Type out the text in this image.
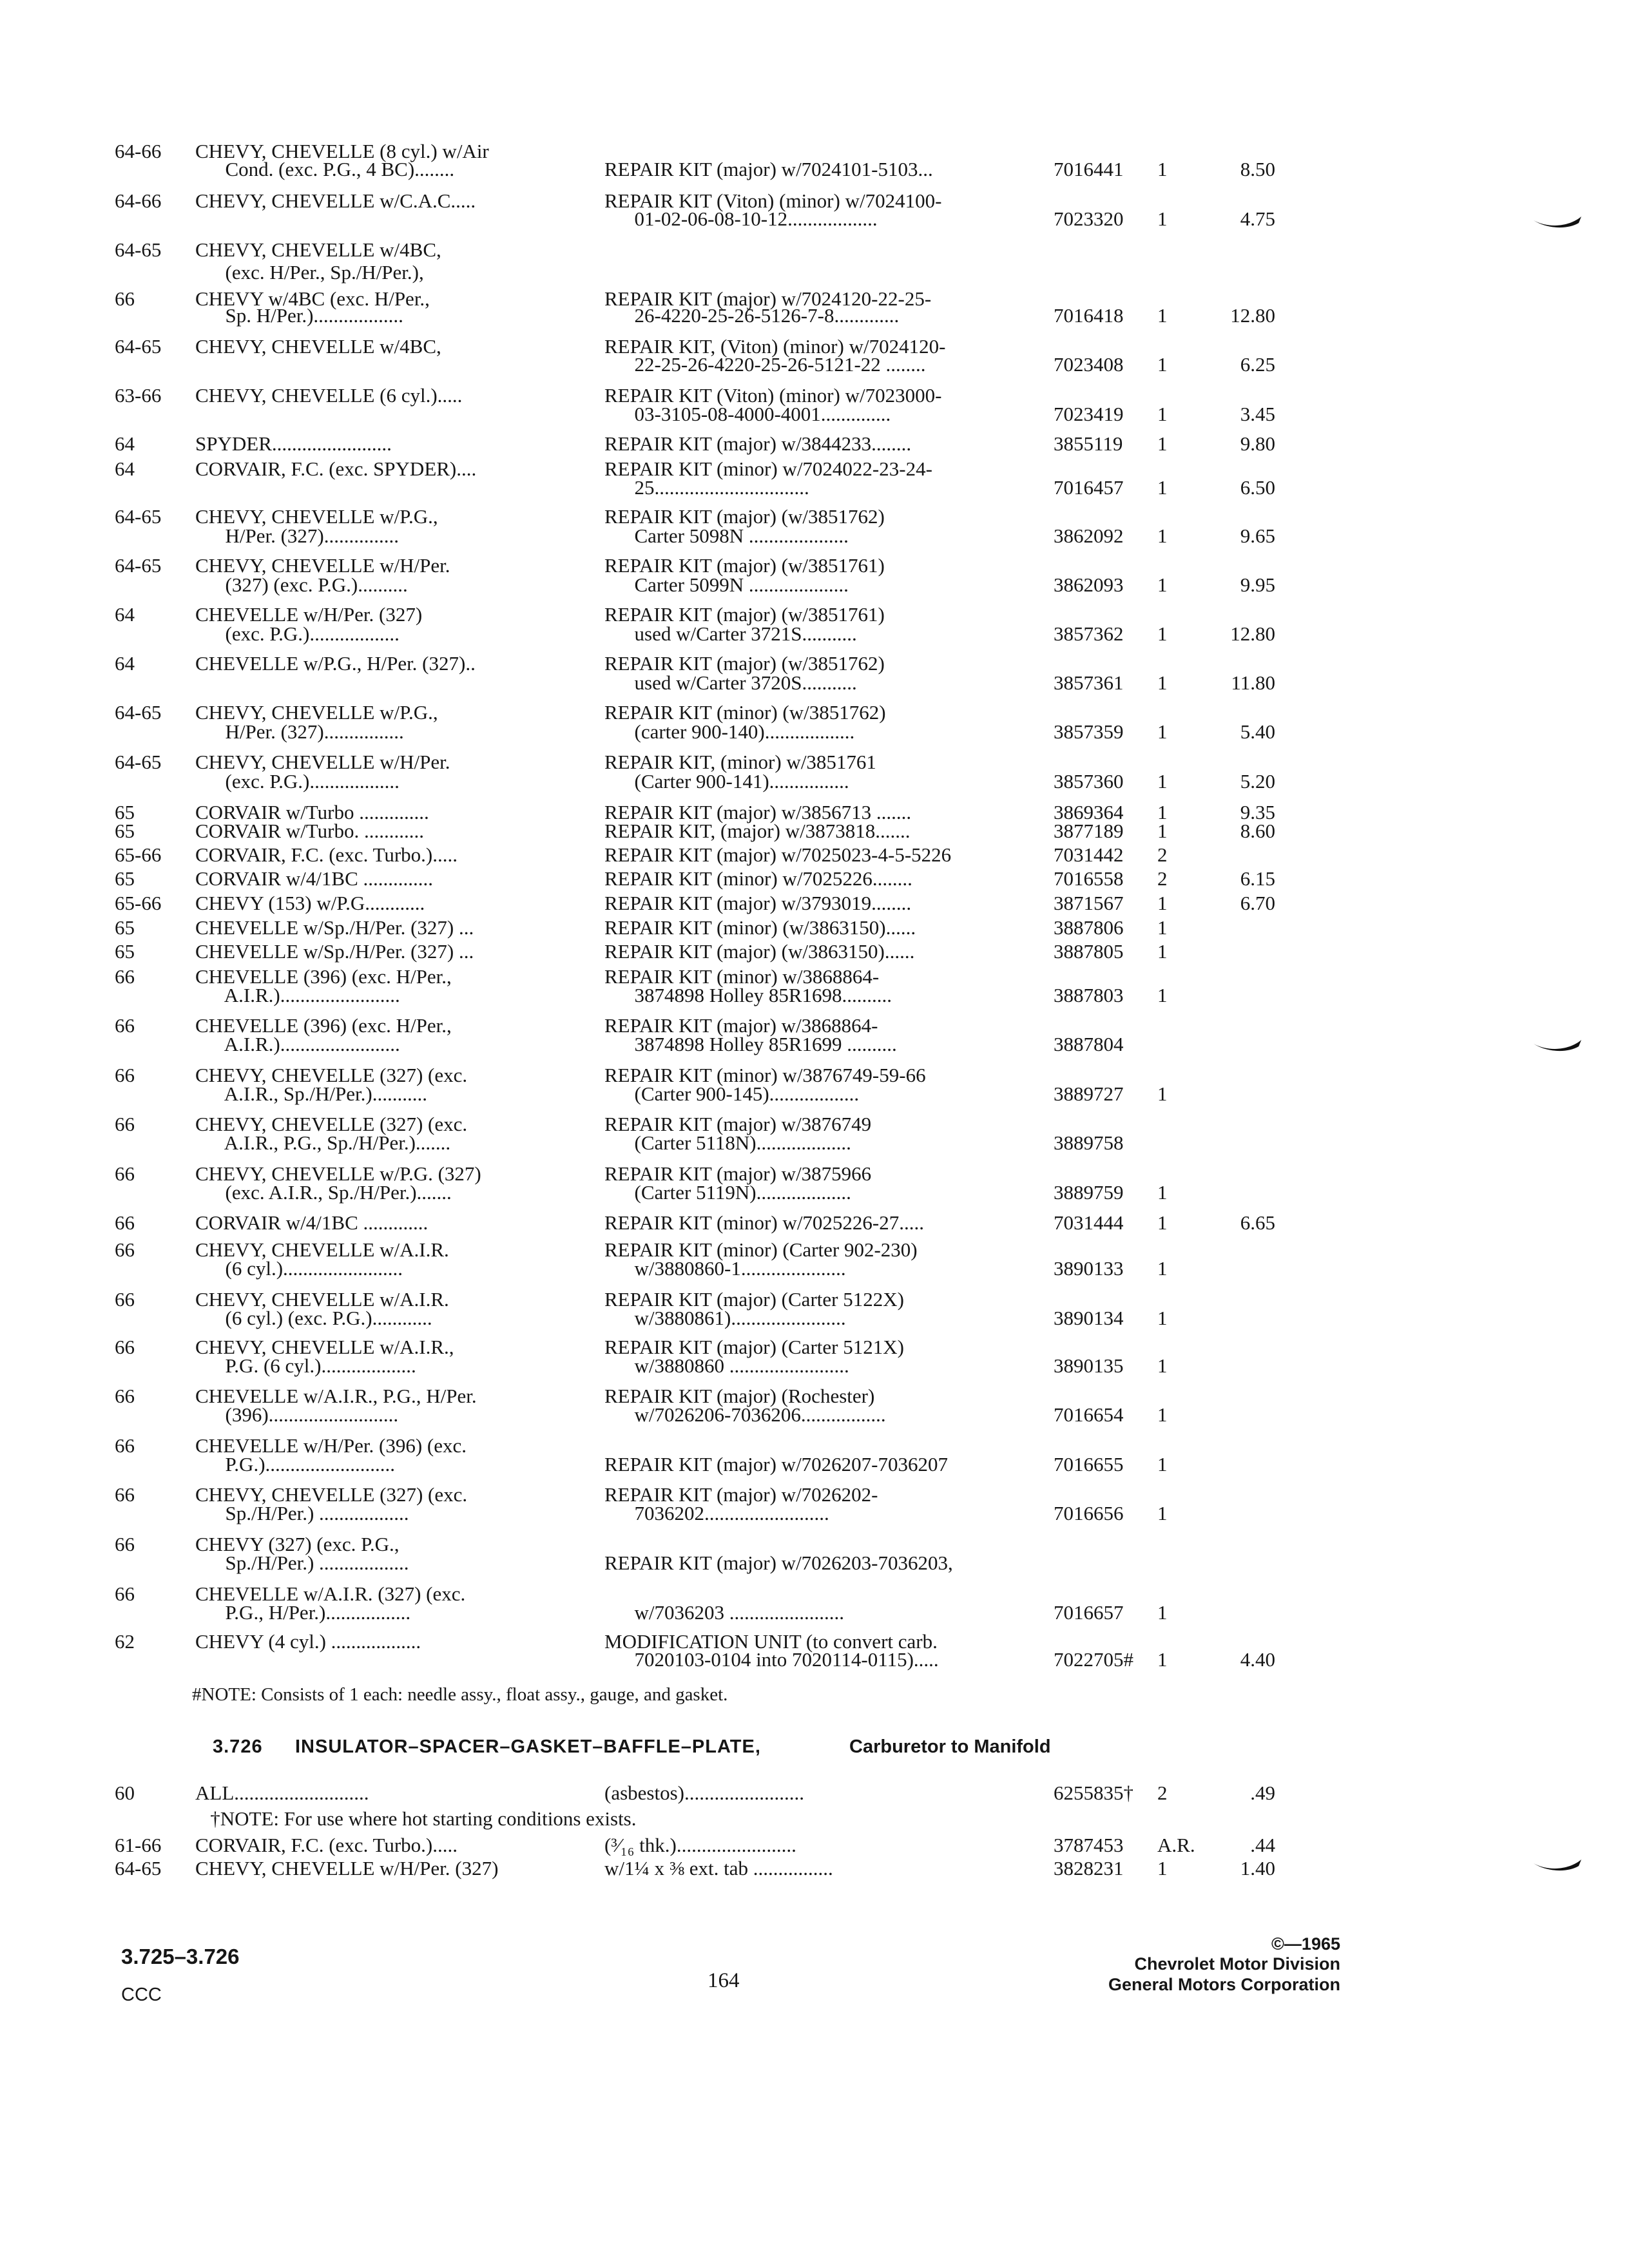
64-66 CHEVY, CHEVELLE (8 cyl.) w/Air
Cond. (exc. P.G., 4 BC)........	REPAIR KIT (major) w/7024101-5103...	7016441 1	8.50
64-66 CHEVY, CHEVELLE w/C.A.C.....	REPAIR KIT (Viton) (minor) w/7024100-
01-02-06-08-10-12..................	7023320 1	4.75
64-65 CHEVY, CHEVELLE w/4BC,
(exc. H/Per., Sp./H/Per.),
66	CHEVY w/4BC (exc. H/Per.,	REPAIR KIT (major) w/7024120-22-25-
Sp. H/Per.)..................	26-4220-25-26-5126-7-8.............	7016418 1	12.80
64-65 CHEVY, CHEVELLE w/4BC,	REPAIR KIT, (Viton) (minor) w/7024120-
22-25-26-4220-25-26-5121-22 ........	7023408 1	6.25
63-66 CHEVY, CHEVELLE (6 cyl.).....	REPAIR KIT (Viton) (minor) w/7023000-
03-3105-08-4000-4001..............	7023419 1	3.45
64	SPYDER........................	REPAIR KIT (major) w/3844233........	3855119 1	9.80
64	CORVAIR, F.C. (exc. SPYDER)....	REPAIR KIT (minor) w/7024022-23-24-
25...............................	7016457 1	6.50
64-65 CHEVY, CHEVELLE w/P.G.,	REPAIR KIT (major) (w/3851762)
H/Per. (327)...............	Carter 5098N ....................	3862092 1	9.65
64-65 CHEVY, CHEVELLE w/H/Per.	REPAIR KIT (major) (w/3851761)
(327) (exc. P.G.)..........	Carter 5099N ....................	3862093 1	9.95
64	CHEVELLE w/H/Per. (327)	REPAIR KIT (major) (w/3851761)
(exc. P.G.)..................	used w/Carter 3721S...........	3857362 1	12.80
64	CHEVELLE w/P.G., H/Per. (327)..	REPAIR KIT (major) (w/3851762)
used w/Carter 3720S...........	3857361 1	11.80
64-65 CHEVY, CHEVELLE w/P.G.,	REPAIR KIT (minor) (w/3851762)
H/Per. (327)................	(carter 900-140)..................	3857359 1	5.40
64-65 CHEVY, CHEVELLE w/H/Per.	REPAIR KIT, (minor) w/3851761
(exc. P.G.)..................	(Carter 900-141)................	3857360 1	5.20
65	CORVAIR w/Turbo ..............	REPAIR KIT (major) w/3856713 .......	3869364 1	9.35
65	CORVAIR w/Turbo. ............	REPAIR KIT, (major) w/3873818.......	3877189 1	8.60
65-66 CORVAIR, F.C. (exc. Turbo.).....	REPAIR KIT (major) w/7025023-4-5-5226	7031442 2
65	CORVAIR w/4/1BC ..............	REPAIR KIT (minor) w/7025226........	7016558 2	6.15
65-66 CHEVY (153) w/P.G............	REPAIR KIT (major) w/3793019........	3871567 1	6.70
65	CHEVELLE w/Sp./H/Per. (327) ...	REPAIR KIT (minor) (w/3863150)......	3887806 1
65	CHEVELLE w/Sp./H/Per. (327) ...	REPAIR KIT (major) (w/3863150)......	3887805 1
66	CHEVELLE (396) (exc. H/Per.,	REPAIR KIT (minor) w/3868864-
A.I.R.)........................	3874898 Holley 85R1698..........	3887803 1
66	CHEVELLE (396) (exc. H/Per.,	REPAIR KIT (major) w/3868864-
A.I.R.)........................	3874898 Holley 85R1699 ..........	3887804
66	CHEVY, CHEVELLE (327) (exc.	REPAIR KIT (minor) w/3876749-59-66
A.I.R., Sp./H/Per.)...........	(Carter 900-145)..................	3889727 1
66	CHEVY, CHEVELLE (327) (exc.	REPAIR KIT (major) w/3876749
A.I.R., P.G., Sp./H/Per.).......	(Carter 5118N)...................	3889758
66	CHEVY, CHEVELLE w/P.G. (327)	REPAIR KIT (major) w/3875966
(exc. A.I.R., Sp./H/Per.).......	(Carter 5119N)...................	3889759 1
66	CORVAIR w/4/1BC .............	REPAIR KIT (minor) w/7025226-27.....	7031444 1	6.65
66	CHEVY, CHEVELLE w/A.I.R.	REPAIR KIT (minor) (Carter 902-230)
(6 cyl.)........................	w/3880860-1.....................	3890133 1
66	CHEVY, CHEVELLE w/A.I.R.	REPAIR KIT (major) (Carter 5122X)
(6 cyl.) (exc. P.G.)............	w/3880861).......................	3890134 1
66	CHEVY, CHEVELLE w/A.I.R.,	REPAIR KIT (major) (Carter 5121X)
P.G. (6 cyl.)...................	w/3880860 ........................	3890135 1
66	CHEVELLE w/A.I.R., P.G., H/Per.	REPAIR KIT (major) (Rochester)
(396)..........................	w/7026206-7036206.................	7016654 1
66	CHEVELLE w/H/Per. (396) (exc.
P.G.)..........................	REPAIR KIT (major) w/7026207-7036207	7016655 1
66	CHEVY, CHEVELLE (327) (exc.	REPAIR KIT (major) w/7026202-
Sp./H/Per.) ..................	7036202.........................	7016656 1
66	CHEVY (327) (exc. P.G.,
Sp./H/Per.) ..................	REPAIR KIT (major) w/7026203-7036203,
66	CHEVELLE w/A.I.R. (327) (exc.
P.G., H/Per.).................	w/7036203 .......................	7016657 1
62	CHEVY (4 cyl.) ..................	MODIFICATION UNIT (to convert carb.
7020103-0104 into 7020114-0115).....	7022705# 1	4.40
#NOTE: Consists of 1 each: needle assy., float assy., gauge, and gasket.
3.726 INSULATOR–SPACER–GASKET–BAFFLE–PLATE,	Carburetor to Manifold
60	ALL...........................	(asbestos)........................	6255835† 2	.49
†NOTE: For use where hot starting conditions exists.
61-66 CORVAIR, F.C. (exc. Turbo.).....	(³⁄₁₆ thk.)........................	3787453 A.R.	.44
64-65 CHEVY, CHEVELLE w/H/Per. (327)	w/1¼ x ⅜ ext. tab ................	3828231 1	1.40
3.725–3.726
CCC
164
©—1965
Chevrolet Motor Division
General Motors Corporation
